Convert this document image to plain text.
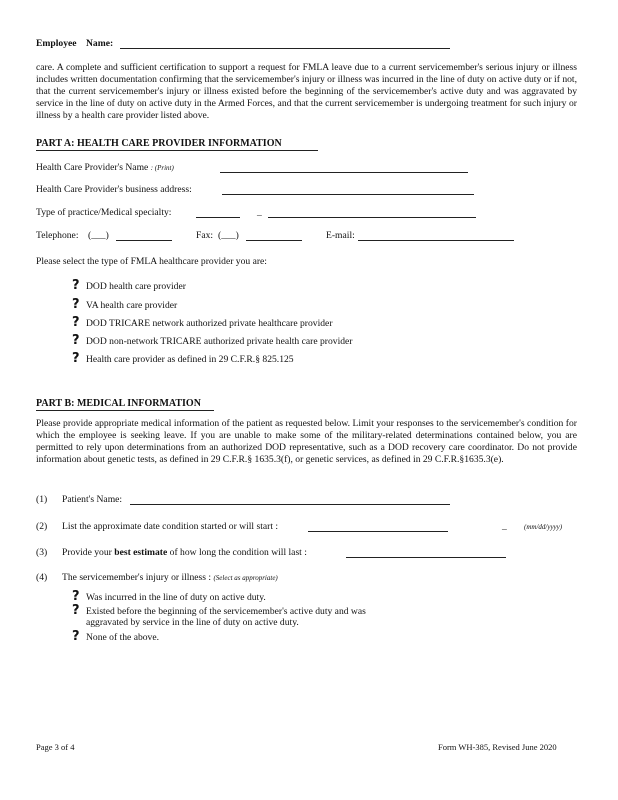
Employee Name:
care. A complete and sufficient certification to support a request for FMLA leave due to a current servicemember's serious injury or illness includes written documentation confirming that the servicemember's injury or illness was incurred in the line of duty on active duty or if not, that the current servicemember's injury or illness existed before the beginning of the servicemember's active duty and was aggravated by service in the line of duty on active duty in the Armed Forces, and that the current servicemember is undergoing treatment for such injury or illness by a health care provider listed above.
PART A: HEALTH CARE PROVIDER INFORMATION
Health Care Provider's Name : (Print)
Health Care Provider's business address:
Type of practice/Medical specialty:	_
Telephone: (___)	Fax: (___)	E-mail:
Please select the type of FMLA healthcare provider you are:
? DOD health care provider
? VA health care provider
? DOD TRICARE network authorized private healthcare provider
? DOD non-network TRICARE authorized private health care provider
? Health care provider as defined in 29 C.F.R.§ 825.125
PART B: MEDICAL INFORMATION
Please provide appropriate medical information of the patient as requested below. Limit your responses to the servicemember's condition for which the employee is seeking leave. If you are unable to make some of the military-related determinations contained below, you are permitted to rely upon determinations from an authorized DOD representative, such as a DOD recovery care coordinator. Do not provide information about genetic tests, as defined in 29 C.F.R.§ 1635.3(f), or genetic services, as defined in 29 C.F.R.§1635.3(e).
(1) Patient's Name:
(2) List the approximate date condition started or will start :	_ (mm/dd/yyyy)
(3) Provide your best estimate of how long the condition will last :
(4) The servicemember's injury or illness : (Select as appropriate)
? Was incurred in the line of duty on active duty.
? Existed before the beginning of the servicemember's active duty and was
aggravated by service in the line of duty on active duty.
? None of the above.
Page 3 of 4	Form WH-385, Revised June 2020
